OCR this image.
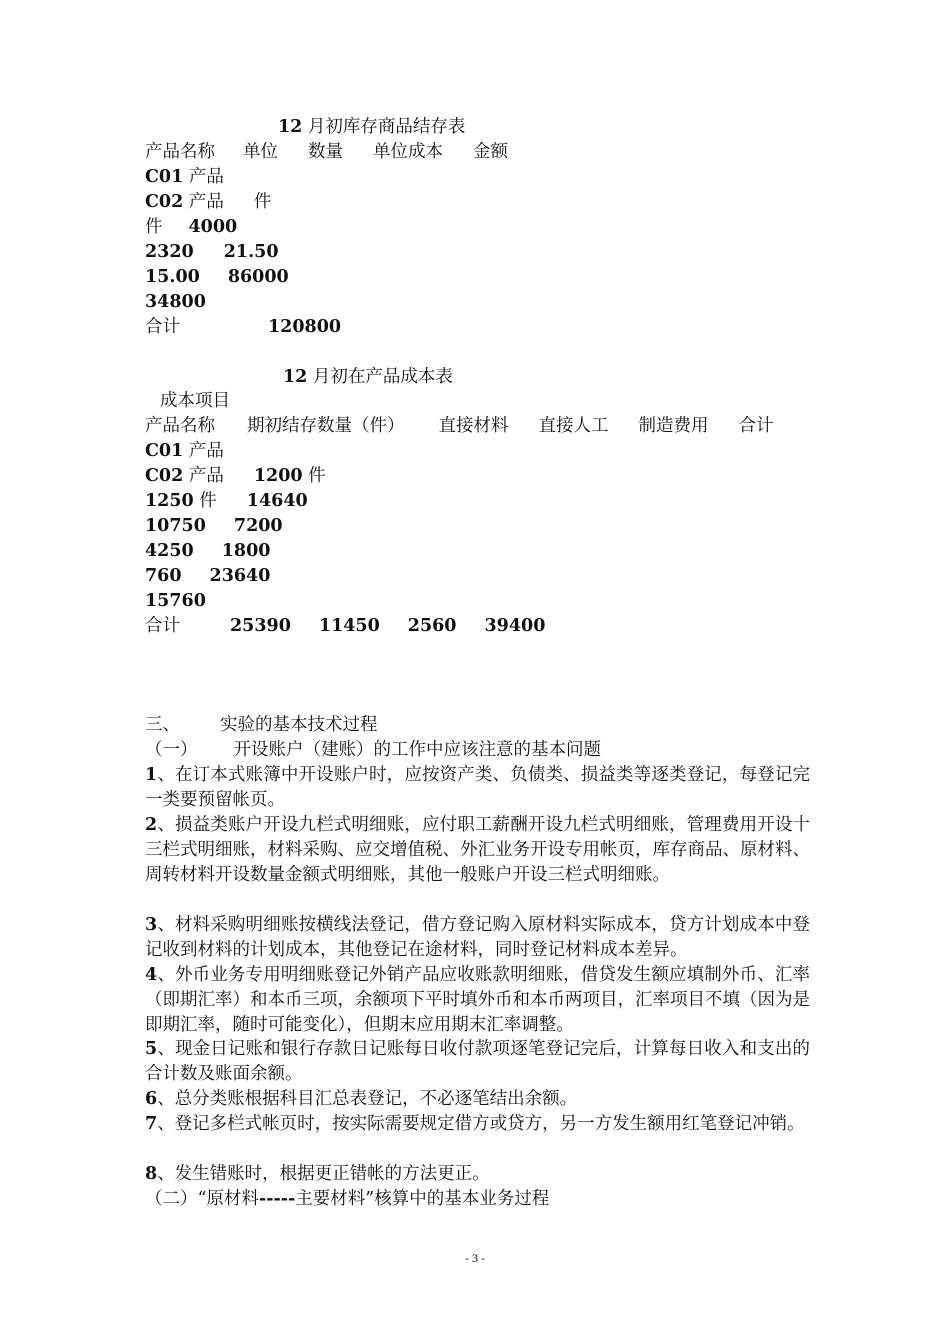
12 月初库存商品结存表
产品名称 单位 数量 单位成本 金额
C01 产品
C02 产品 件
件 4000
2320 21.50
15.00 86000
34800
合计	120800
12 月初在产品成本表
成本项目
产品名称 期初结存数量（件） 直接材料 直接人工 制造费用 合计
C01 产品
C02 产品 1200 件
1250 件 14640
10750 7200
4250 1800
760 23640
15760
合计	25390 11450 2560 39400
三、 实验的基本技术过程
（一） 开设账户（建账）的工作中应该注意的基本问题
1、在订本式账簿中开设账户时，应按资产类、负债类、损益类等逐类登记，每登记完一类要预留帐页。
2、损益类账户开设九栏式明细账，应付职工薪酬开设九栏式明细账，管理费用开设十三栏式明细账，材料采购、应交增值税、外汇业务开设专用帐页，库存商品、原材料、周转材料开设数量金额式明细账，其他一般账户开设三栏式明细账。
3、材料采购明细账按横线法登记，借方登记购入原材料实际成本，贷方计划成本中登记收到材料的计划成本，其他登记在途材料，同时登记材料成本差异。
4、外币业务专用明细账登记外销产品应收账款明细账，借贷发生额应填制外币、汇率（即期汇率）和本币三项，余额项下平时填外币和本币两项目，汇率项目不填（因为是即期汇率，随时可能变化），但期末应用期末汇率调整。
5、现金日记账和银行存款日记账每日收付款项逐笔登记完后，计算每日收入和支出的合计数及账面余额。
6、总分类账根据科目汇总表登记，不必逐笔结出余额。
7、登记多栏式帐页时，按实际需要规定借方或贷方，另一方发生额用红笔登记冲销。
8、发生错账时，根据更正错帐的方法更正。
（二）“原材料-----主要材料”核算中的基本业务过程
- 3 -
